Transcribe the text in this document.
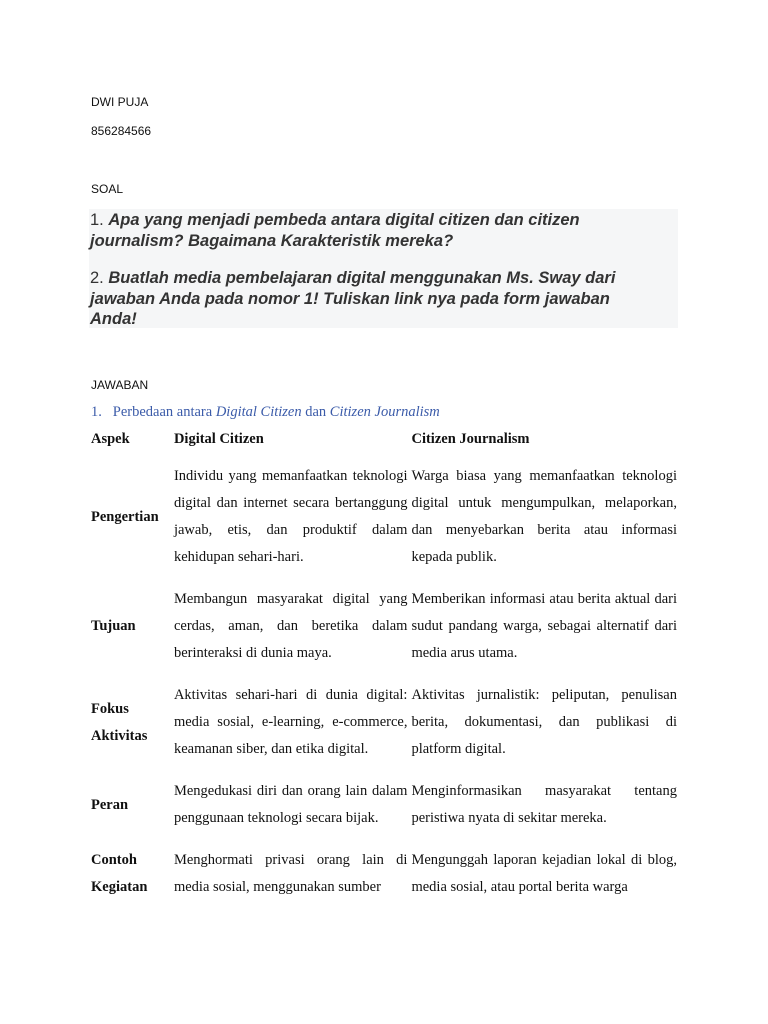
DWI PUJA
856284566
SOAL
1. Apa yang menjadi pembeda antara digital citizen dan citizen journalism? Bagaimana Karakteristik mereka?
2. Buatlah media pembelajaran digital menggunakan Ms. Sway dari jawaban Anda pada nomor 1! Tuliskan link nya pada form jawaban Anda!
JAWABAN
1. Perbedaan antara Digital Citizen dan Citizen Journalism
Aspek	Digital Citizen	Citizen Journalism
Pengertian	Individu yang memanfaatkan teknologi digital dan internet secara bertanggung jawab, etis, dan produktif dalam kehidupan sehari-hari.	Warga biasa yang memanfaatkan teknologi digital untuk mengumpulkan, melaporkan, dan menyebarkan berita atau informasi kepada publik.
Tujuan	Membangun masyarakat digital yang cerdas, aman, dan beretika dalam berinteraksi di dunia maya.	Memberikan informasi atau berita aktual dari sudut pandang warga, sebagai alternatif dari media arus utama.
Fokus Aktivitas	Aktivitas sehari-hari di dunia digital: media sosial, e-learning, e-commerce, keamanan siber, dan etika digital.	Aktivitas jurnalistik: peliputan, penulisan berita, dokumentasi, dan publikasi di platform digital.
Peran	Mengedukasi diri dan orang lain dalam penggunaan teknologi secara bijak.	Menginformasikan masyarakat tentang peristiwa nyata di sekitar mereka.
Contoh Kegiatan	Menghormati privasi orang lain di media sosial, menggunakan sumber	Mengunggah laporan kejadian lokal di blog, media sosial, atau portal berita warga
